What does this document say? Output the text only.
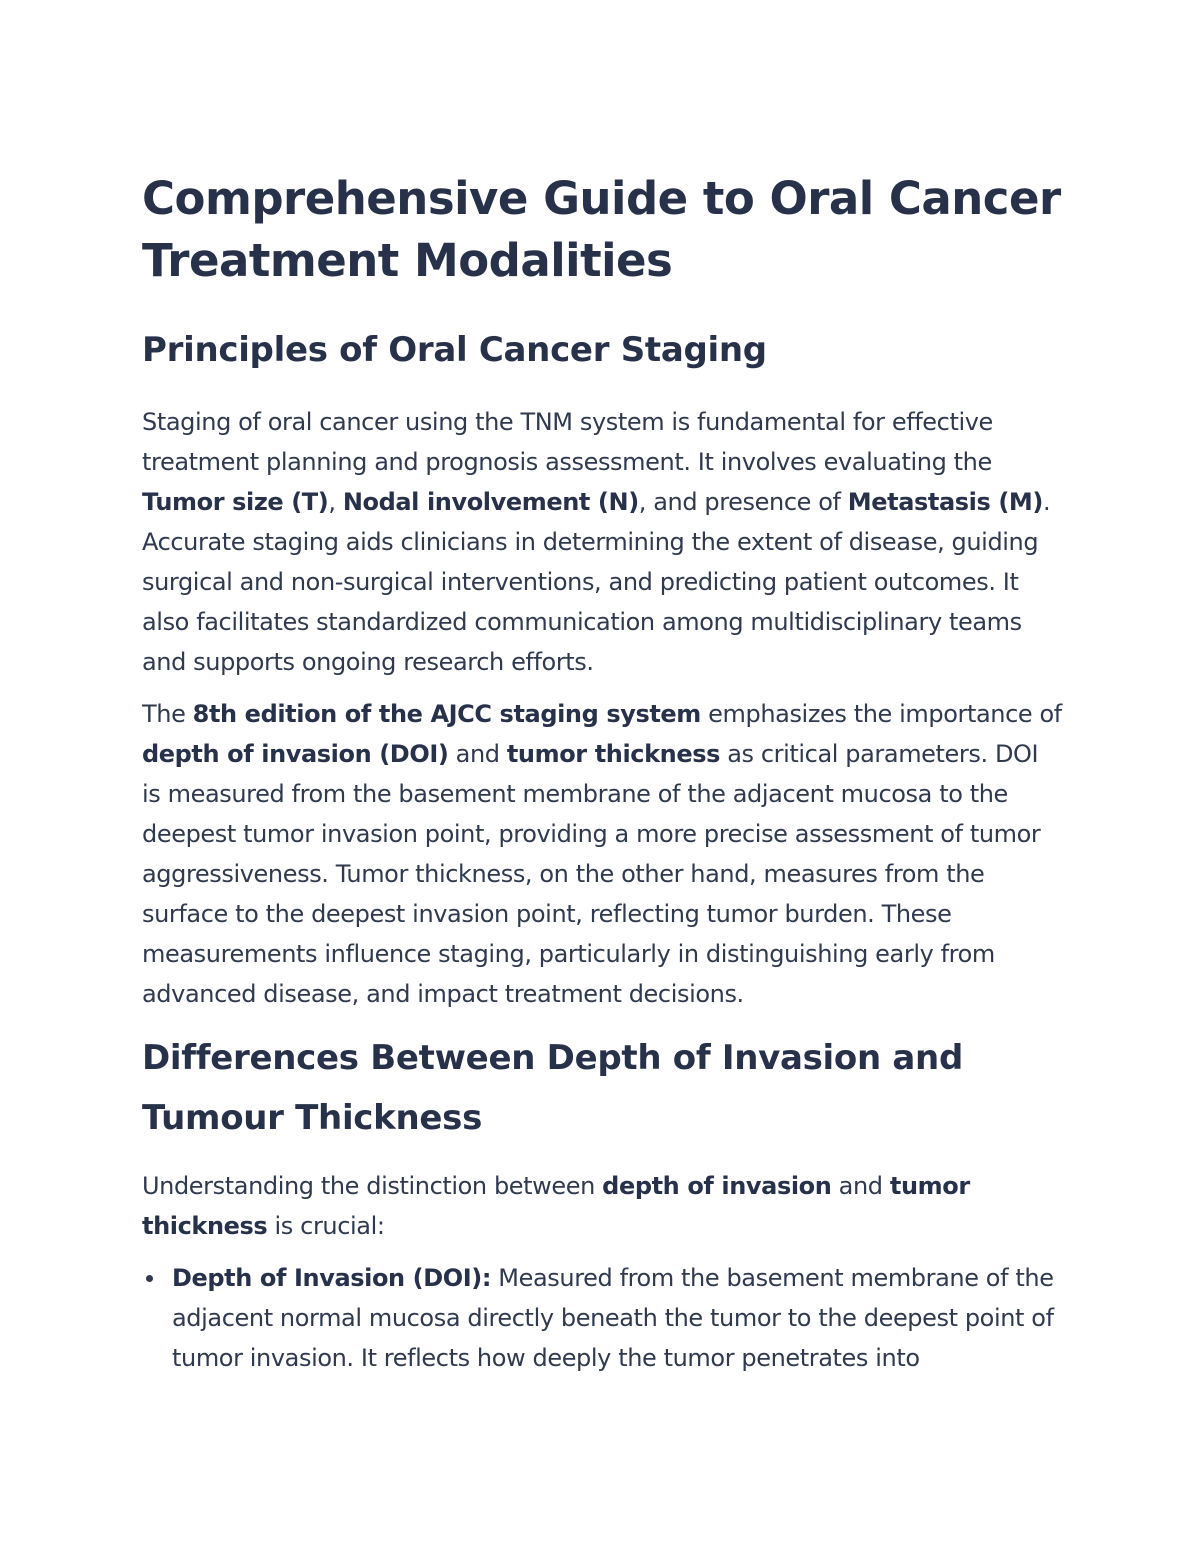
Comprehensive Guide to Oral Cancer Treatment Modalities
Principles of Oral Cancer Staging

Staging of oral cancer using the TNM system is fundamental for effective treatment planning and prognosis assessment. It involves evaluating the Tumor size (T), Nodal involvement (N), and presence of Metastasis (M). Accurate staging aids clinicians in determining the extent of disease, guiding surgical and non-surgical interventions, and predicting patient outcomes. It also facilitates standardized communication among multidisciplinary teams and supports ongoing research efforts.

The 8th edition of the AJCC staging system emphasizes the importance of depth of invasion (DOI) and tumor thickness as critical parameters. DOI is measured from the basement membrane of the adjacent mucosa to the deepest tumor invasion point, providing a more precise assessment of tumor aggressiveness. Tumor thickness, on the other hand, measures from the surface to the deepest invasion point, reflecting tumor burden. These measurements influence staging, particularly in distinguishing early from advanced disease, and impact treatment decisions.

Differences Between Depth of Invasion and Tumour Thickness

Understanding the distinction between depth of invasion and tumor thickness is crucial:

Depth of Invasion (DOI): Measured from the basement membrane of the adjacent normal mucosa directly beneath the tumor to the deepest point of tumor invasion. It reflects how deeply the tumor penetrates into
